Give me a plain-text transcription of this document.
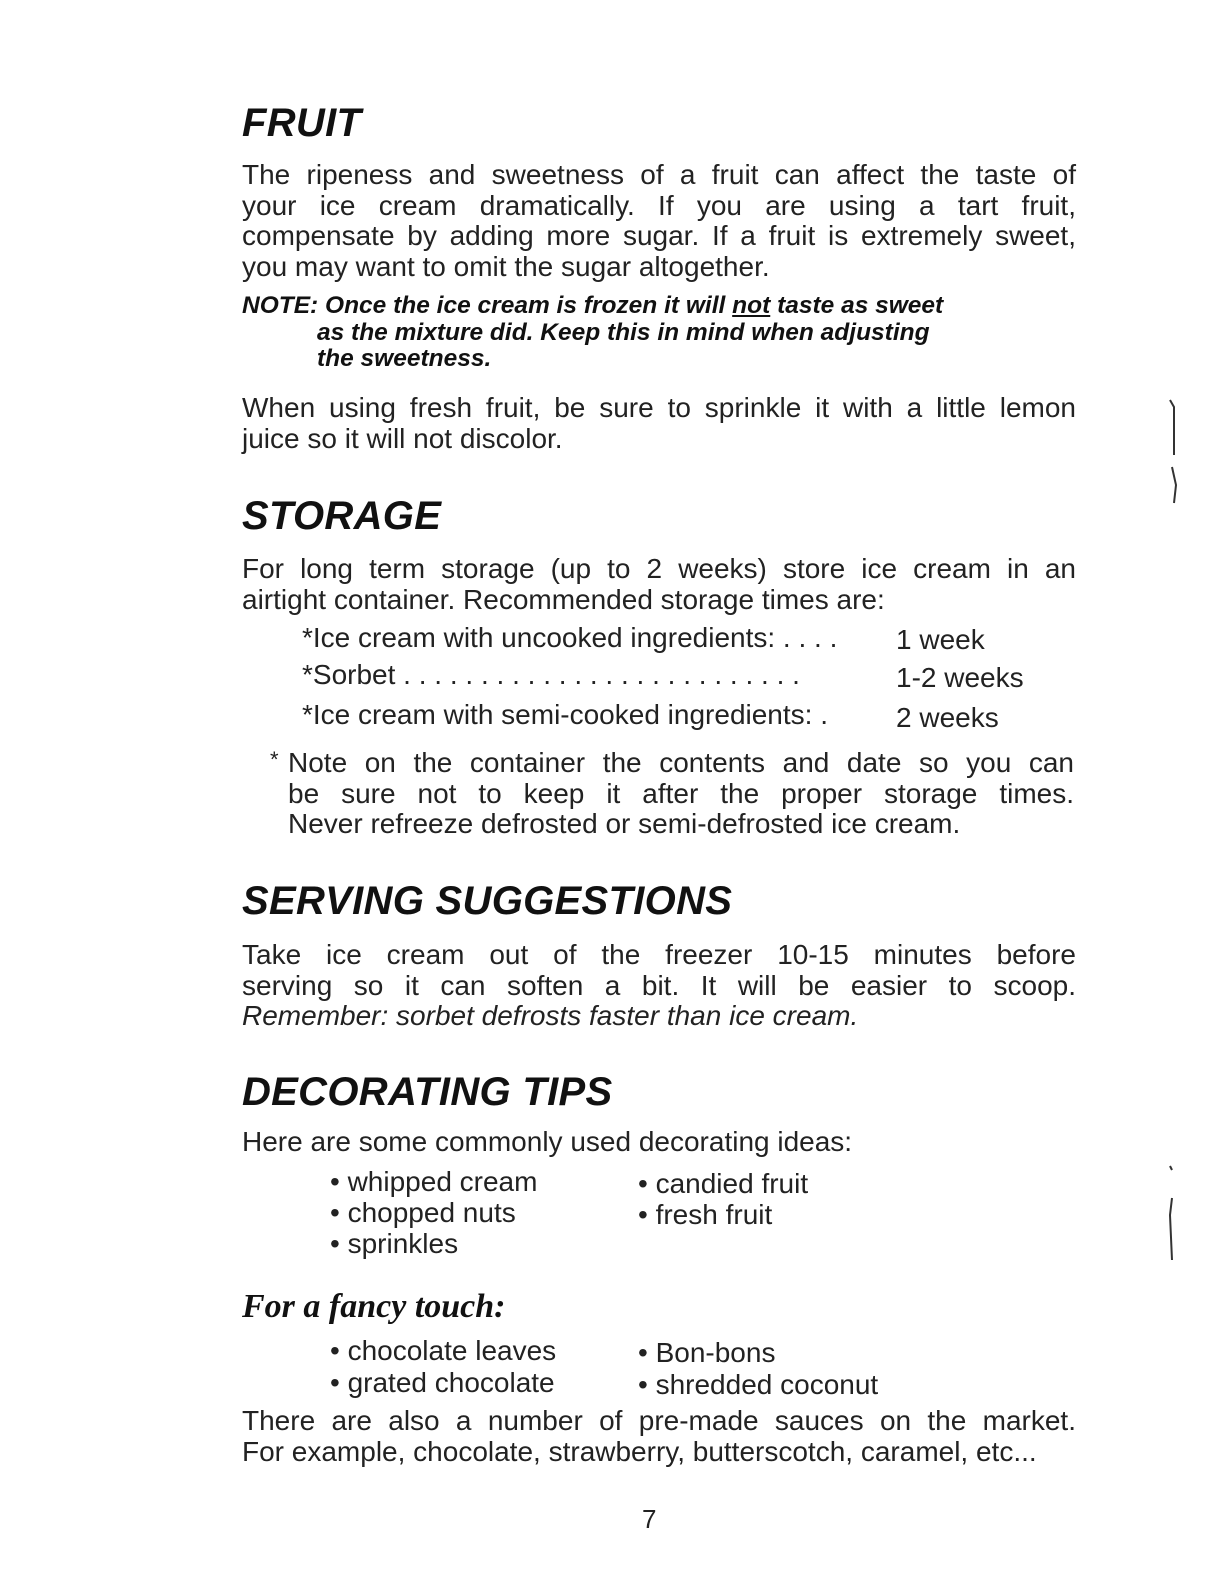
FRUIT
The ripeness and sweetness of a fruit can affect the taste of
your ice cream dramatically. If you are using a tart fruit,
compensate by adding more sugar. If a fruit is extremely sweet,
you may want to omit the sugar altogether.
NOTE: Once the ice cream is frozen it will not taste as sweet
as the mixture did. Keep this in mind when adjusting
the sweetness.
When using fresh fruit, be sure to sprinkle it with a little lemon
juice so it will not discolor.
STORAGE
For long term storage (up to 2 weeks) store ice cream in an
airtight container. Recommended storage times are:
*Ice cream with uncooked ingredients: . . . . 1 week
*Sorbet . . . . . . . . . . . . . . . . . . . . . . . . . .	1-2 weeks
*Ice cream with semi-cooked ingredients: . 2 weeks
* Note on the container the contents and date so you can
be sure not to keep it after the proper storage times.
Never refreeze defrosted or semi-defrosted ice cream.
SERVING SUGGESTIONS
Take ice cream out of the freezer 10-15 minutes before
serving so it can soften a bit. It will be easier to scoop.
Remember: sorbet defrosts faster than ice cream.
DECORATING TIPS
Here are some commonly used decorating ideas:
• whipped cream
• chopped nuts
• sprinkles
• candied fruit
• fresh fruit
For a fancy touch:
• chocolate leaves
• grated chocolate
• Bon-bons
• shredded coconut
There are also a number of pre-made sauces on the market.
For example, chocolate, strawberry, butterscotch, caramel, etc...
7
